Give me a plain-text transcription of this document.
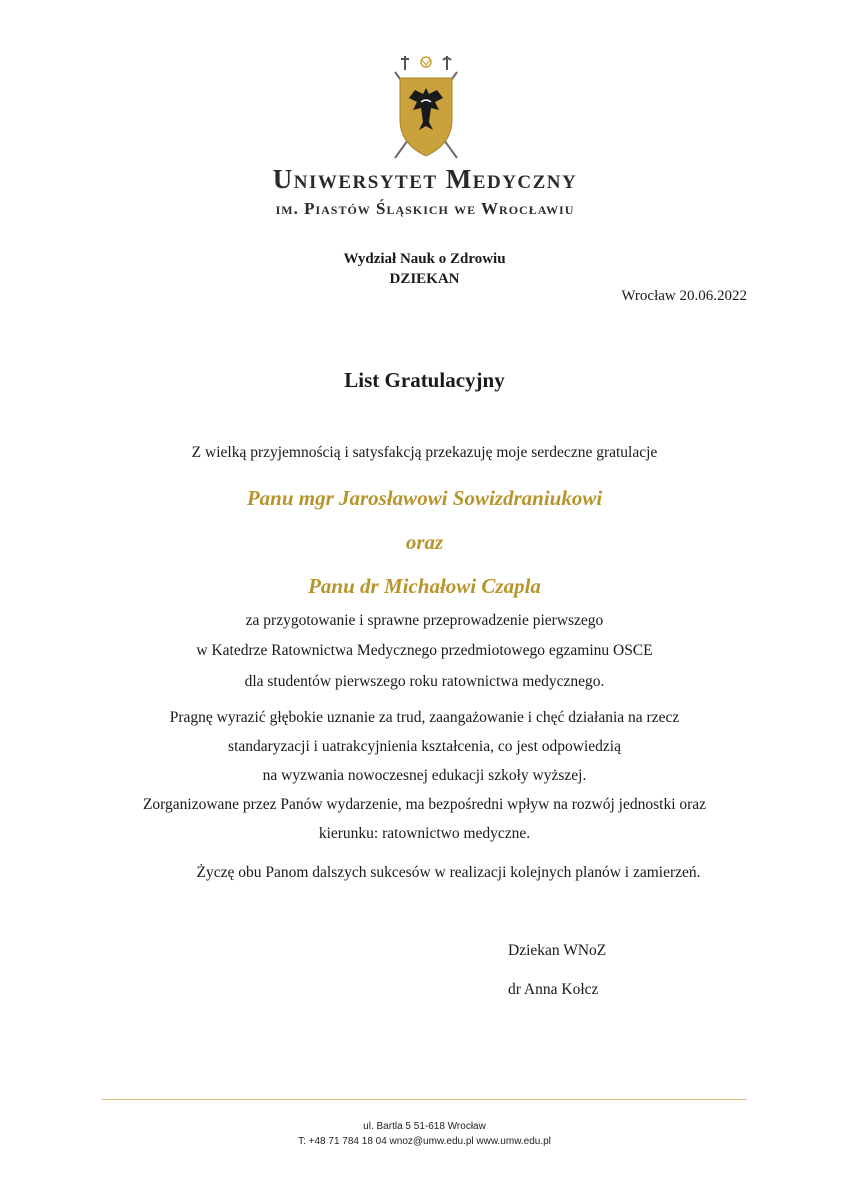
Uniwersytet Medyczny
im. Piastów Śląskich we Wrocławiu
Wydział Nauk o Zdrowiu
DZIEKAN
Wrocław 20.06.2022
List Gratulacyjny
Z wielką przyjemnością i satysfakcją przekazuję moje serdeczne gratulacje
Panu mgr Jarosławowi Sowizdraniukowi
oraz
Panu dr Michałowi Czapla
za przygotowanie i sprawne przeprowadzenie pierwszego
w Katedrze Ratownictwa Medycznego przedmiotowego egzaminu OSCE
dla studentów pierwszego roku ratownictwa medycznego.
Pragnę wyrazić głębokie uznanie za trud, zaangażowanie i chęć działania na rzecz
standaryzacji i uatrakcyjnienia kształcenia, co jest odpowiedzią
na wyzwania nowoczesnej edukacji szkoły wyższej.
Zorganizowane przez Panów wydarzenie, ma bezpośredni wpływ na rozwój jednostki oraz
kierunku: ratownictwo medyczne.
Życzę obu Panom dalszych sukcesów w realizacji kolejnych planów i zamierzeń.
Dziekan WNoZ
dr Anna Kołcz
ul. Bartla 5 51-618 Wrocław
T: +48 71 784 18 04 wnoz@umw.edu.pl www.umw.edu.pl
